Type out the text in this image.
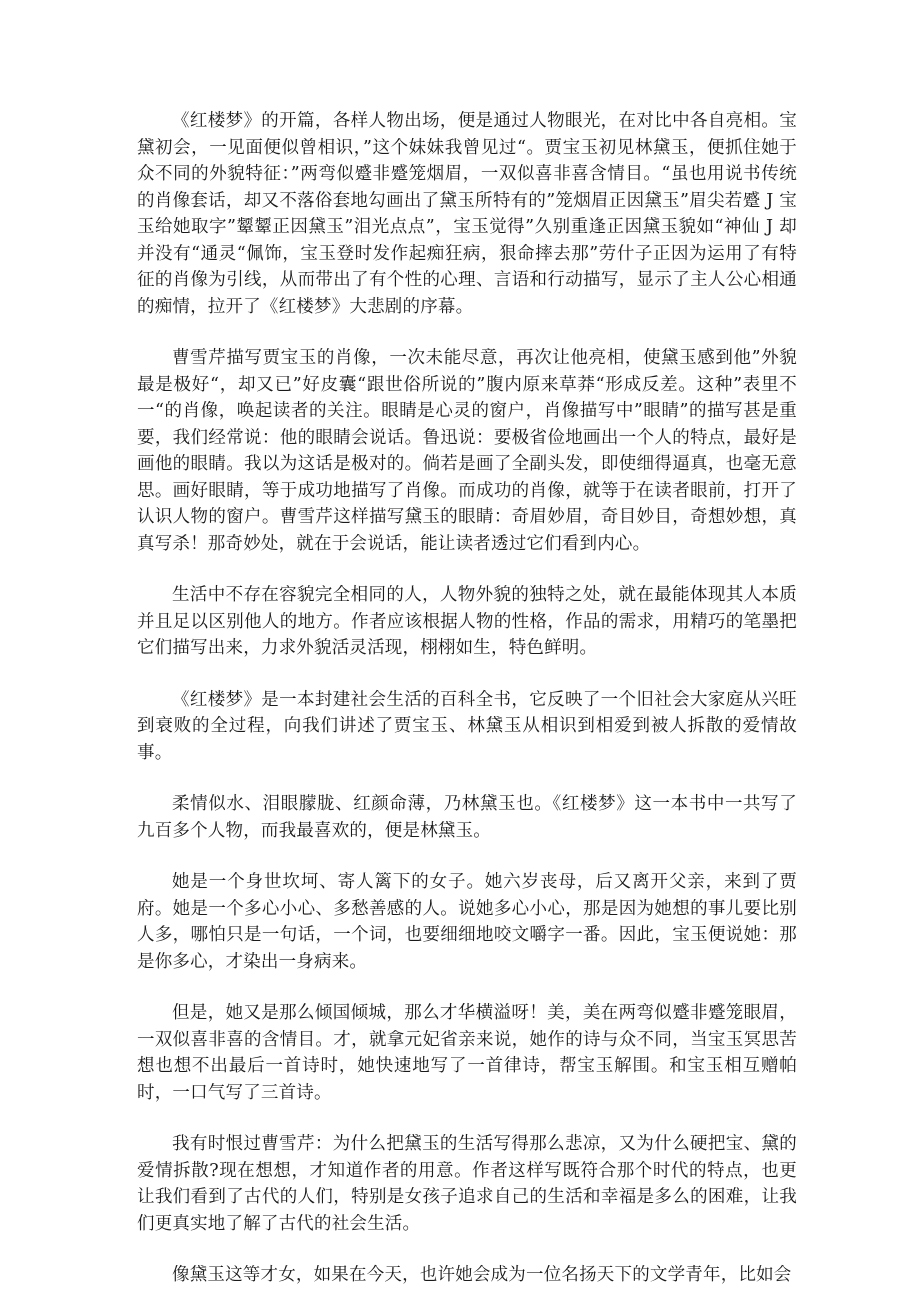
《红楼梦》的开篇，各样人物出场，便是通过人物眼光，在对比中各自亮相。宝黛初会，一见面便似曾相识，”这个妹妹我曾见过“。贾宝玉初见林黛玉，便抓住她于众不同的外貌特征：”两弯似蹙非蹙笼烟眉，一双似喜非喜含情目。“虽也用说书传统的肖像套话，却又不落俗套地勾画出了黛玉所特有的”笼烟眉正因黛玉”眉尖若蹙 J 宝玉给她取字”颦颦正因黛玉”泪光点点”，宝玉觉得”久别重逢正因黛玉貌如“神仙 J 却并没有“通灵“佩饰，宝玉登时发作起痴狂病，狠命摔去那”劳什子正因为运用了有特征的肖像为引线，从而带出了有个性的心理、言语和行动描写，显示了主人公心相通的痴情，拉开了《红楼梦》大悲剧的序幕。

曹雪芹描写贾宝玉的肖像，一次未能尽意，再次让他亮相，使黛玉感到他”外貌最是极好“，却又已”好皮囊“跟世俗所说的”腹内原来草莽“形成反差。这种”表里不一“的肖像，唤起读者的关注。眼睛是心灵的窗户，肖像描写中”眼睛”的描写甚是重要，我们经常说：他的眼睛会说话。鲁迅说：要极省俭地画出一个人的特点，最好是画他的眼睛。我以为这话是极对的。倘若是画了全副头发，即使细得逼真，也毫无意思。画好眼睛，等于成功地描写了肖像。而成功的肖像，就等于在读者眼前，打开了认识人物的窗户。曹雪芹这样描写黛玉的眼睛：奇眉妙眉，奇目妙目，奇想妙想，真真写杀！那奇妙处，就在于会说话，能让读者透过它们看到内心。

生活中不存在容貌完全相同的人，人物外貌的独特之处，就在最能体现其人本质并且足以区别他人的地方。作者应该根据人物的性格，作品的需求，用精巧的笔墨把它们描写出来，力求外貌活灵活现，栩栩如生，特色鲜明。

《红楼梦》是一本封建社会生活的百科全书，它反映了一个旧社会大家庭从兴旺到衰败的全过程，向我们讲述了贾宝玉、林黛玉从相识到相爱到被人拆散的爱情故事。

柔情似水、泪眼朦胧、红颜命薄，乃林黛玉也。《红楼梦》这一本书中一共写了九百多个人物，而我最喜欢的，便是林黛玉。

她是一个身世坎坷、寄人篱下的女子。她六岁丧母，后又离开父亲，来到了贾府。她是一个多心小心、多愁善感的人。说她多心小心，那是因为她想的事儿要比别人多，哪怕只是一句话，一个词，也要细细地咬文嚼字一番。因此，宝玉便说她：那是你多心，才染出一身病来。

但是，她又是那么倾国倾城，那么才华横溢呀！美，美在两弯似蹙非蹙笼眼眉，一双似喜非喜的含情目。才，就拿元妃省亲来说，她作的诗与众不同，当宝玉冥思苦想也想不出最后一首诗时，她快速地写了一首律诗，帮宝玉解围。和宝玉相互赠帕时，一口气写了三首诗。

我有时恨过曹雪芹：为什么把黛玉的生活写得那么悲凉，又为什么硬把宝、黛的爱情拆散?现在想想，才知道作者的用意。作者这样写既符合那个时代的特点，也更让我们看到了古代的人们，特别是女孩子追求自己的生活和幸福是多么的困难，让我们更真实地了解了古代的社会生活。

像黛玉这等才女，如果在今天，也许她会成为一位名扬天下的文学青年，比如会
